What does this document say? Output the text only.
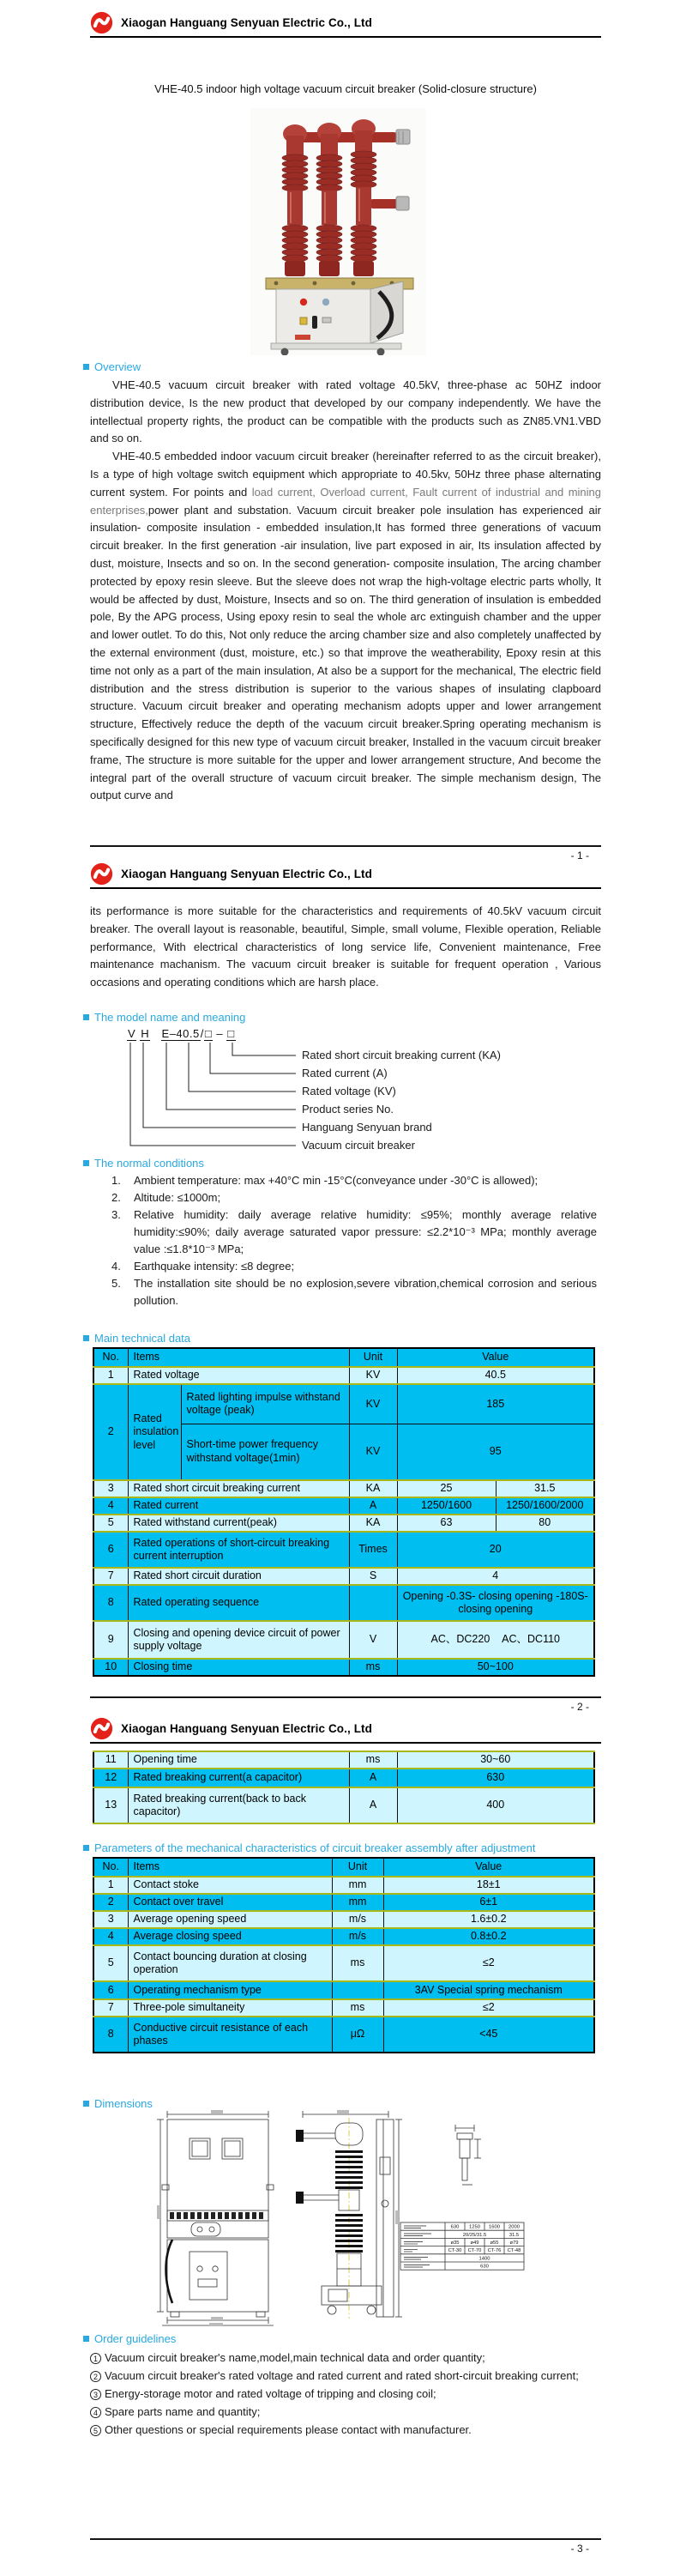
Xiaogan Hanguang Senyuan Electric Co., Ltd
VHE-40.5 indoor high voltage vacuum circuit breaker (Solid-closure structure)
Overview

VHE-40.5 vacuum circuit breaker with rated voltage 40.5kV, three-phase ac 50HZ indoor distribution device, Is the new product that developed by our company independently. We have the intellectual property rights, the product can be compatible with the products such as ZN85.VN1.VBD and so on.

VHE-40.5 embedded indoor vacuum circuit breaker (hereinafter referred to as the circuit breaker), Is a type of high voltage switch equipment which appropriate to 40.5kv, 50Hz three phase alternating current system. For points and load current, Overload current, Fault current of industrial and mining enterprises,power plant and substation. Vacuum circuit breaker pole insulation has experienced air insulation- composite insulation - embedded insulation,It has formed three generations of vacuum circuit breaker. In the first generation -air insulation, live part exposed in air, Its insulation affected by dust, moisture, Insects and so on. In the second generation- composite insulation, The arcing chamber protected by epoxy resin sleeve. But the sleeve does not wrap the high-voltage electric parts wholly, It would be affected by dust, Moisture, Insects and so on. The third generation of insulation is embedded pole, By the APG process, Using epoxy resin to seal the whole arc extinguish chamber and the upper and lower outlet. To do this, Not only reduce the arcing chamber size and also completely unaffected by the external environment (dust, moisture, etc.) so that improve the weatherability, Epoxy resin at this time not only as a part of the main insulation, At also be a support for the mechanical, The electric field distribution and the stress distribution is superior to the various shapes of insulating clapboard structure. Vacuum circuit breaker and operating mechanism adopts upper and lower arrangement structure, Effectively reduce the depth of the vacuum circuit breaker.Spring operating mechanism is specifically designed for this new type of vacuum circuit breaker, Installed in the vacuum circuit breaker frame, The structure is more suitable for the upper and lower arrangement structure, And become the integral part of the overall structure of vacuum circuit breaker. The simple mechanism design, The output curve and

- 1 -
Xiaogan Hanguang Senyuan Electric Co., Ltd
its performance is more suitable for the characteristics and requirements of 40.5kV vacuum circuit breaker. The overall layout is reasonable, beautiful, Simple, small volume, Flexible operation, Reliable performance, With electrical characteristics of long service life, Convenient maintenance, Free maintenance machanism. The vacuum circuit breaker is suitable for frequent operation , Various occasions and operating conditions which are harsh place.
The model name and meaning
V H E–40.5/□ – □
Rated short circuit breaking current (KA)
Rated current (A)
Rated voltage (KV)
Product series No.
Hanguang Senyuan brand
Vacuum circuit breaker
The normal conditions
1.	Ambient temperature: max +40°C min -15°C(conveyance under -30°C is allowed);
2.	Altitude: ≤1000m;
3.	Relative humidity: daily average relative humidity: ≤95%; monthly average relative humidity:≤90%; daily average saturated vapor pressure: ≤2.2*10⁻³ MPa; monthly average value :≤1.8*10⁻³ MPa;
4.	Earthquake intensity: ≤8 degree;
5.	The installation site should be no explosion,severe vibration,chemical corrosion and serious pollution.
Main technical data
No.	Items		Unit	Value	
1	Rated voltage		KV	40.5	
2	Rated insulation level	Rated lighting impulse withstand voltage (peak)	KV	185	
		Short-time power frequency withstand voltage(1min)	KV	95	
3	Rated short circuit breaking current		KA	25	31.5
4	Rated current		A	1250/1600	1250/1600/2000
5	Rated withstand current(peak)		KA	63	80
6	Rated operations of short-circuit breaking current interruption		Times	20	
7	Rated short circuit duration		S	4	
8	Rated operating sequence			Opening -0.3S- closing opening -180S- closing opening	
9	Closing and opening device circuit of power supply voltage		V	AC、DC220    AC、DC110	
10	Closing time		ms	50~100	
- 2 -
Xiaogan Hanguang Senyuan Electric Co., Ltd
11	Opening time	ms	30~60
12	Rated breaking current(a capacitor)	A	630
13	Rated breaking current(back to back capacitor)	A	400
Parameters of the mechanical characteristics of circuit breaker assembly after adjustment
No.	Items	Unit	Value
1	Contact stoke	mm	18±1
2	Contact over travel	mm	6±1
3	Average opening speed	m/s	1.6±0.2
4	Average closing speed	m/s	0.8±0.2
5	Contact bouncing duration at closing operation	ms	≤2
6	Operating mechanism type		3AV Special spring mechanism
7	Three-pole simultaneity	ms	≤2
8	Conductive circuit resistance of each phases	μΩ	<45
Dimensions
630 1250 1600 2000
20/25/31.5	31.5
ø35 ø49 ø55 ø79
CT-30 CT-70 CT-76 CT-48
1400
630
Order guidelines

1 Vacuum circuit breaker's name,model,main technical data and order quantity;

2 Vacuum circuit breaker's rated voltage and rated current and rated short-circuit breaking current;

3 Energy-storage motor and rated voltage of tripping and closing coil;

4 Spare parts name and quantity;

5 Other questions or special requirements please contact with manufacturer.

- 3 -
